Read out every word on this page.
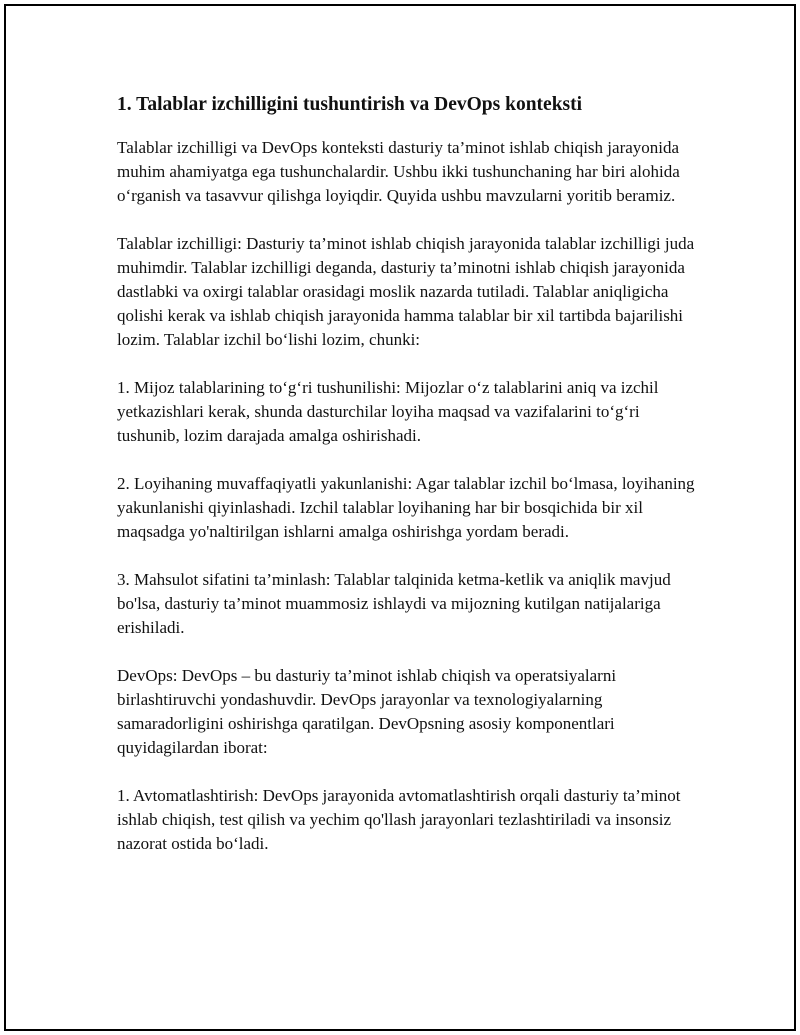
1. Talablar izchilligini tushuntirish va DevOps konteksti

Talablar izchilligi va DevOps konteksti dasturiy ta’minot ishlab chiqish jarayonida muhim ahamiyatga ega tushunchalardir. Ushbu ikki tushunchaning har biri alohida oʻrganish va tasavvur qilishga loyiqdir. Quyida ushbu mavzularni yoritib beramiz.

Talablar izchilligi: Dasturiy ta’minot ishlab chiqish jarayonida talablar izchilligi juda muhimdir. Talablar izchilligi deganda, dasturiy ta’minotni ishlab chiqish jarayonida dastlabki va oxirgi talablar orasidagi moslik nazarda tutiladi. Talablar aniqligicha qolishi kerak va ishlab chiqish jarayonida hamma talablar bir xil tartibda bajarilishi lozim. Talablar izchil boʻlishi lozim, chunki:

1. Mijoz talablarining toʻgʻri tushunilishi: Mijozlar oʻz talablarini aniq va izchil yetkazishlari kerak, shunda dasturchilar loyiha maqsad va vazifalarini toʻgʻri tushunib, lozim darajada amalga oshirishadi.

2. Loyihaning muvaffaqiyatli yakunlanishi: Agar talablar izchil boʻlmasa, loyihaning yakunlanishi qiyinlashadi. Izchil talablar loyihaning har bir bosqichida bir xil maqsadga yo'naltirilgan ishlarni amalga oshirishga yordam beradi.

3. Mahsulot sifatini ta’minlash: Talablar talqinida ketma-ketlik va aniqlik mavjud bo'lsa, dasturiy ta’minot muammosiz ishlaydi va mijozning kutilgan natijalariga erishiladi.

DevOps: DevOps – bu dasturiy ta’minot ishlab chiqish va operatsiyalarni birlashtiruvchi yondashuvdir. DevOps jarayonlar va texnologiyalarning samaradorligini oshirishga qaratilgan. DevOpsning asosiy komponentlari quyidagilardan iborat:

1. Avtomatlashtirish: DevOps jarayonida avtomatlashtirish orqali dasturiy ta’minot ishlab chiqish, test qilish va yechim qo'llash jarayonlari tezlashtiriladi va insonsiz nazorat ostida boʻladi.
